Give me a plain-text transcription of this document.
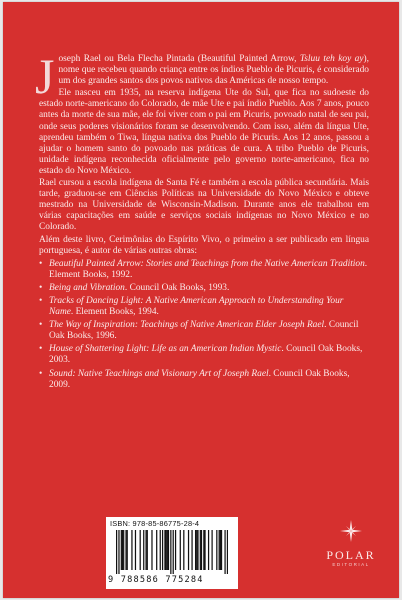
Joseph Rael ou Bela Flecha Pintada (Beautiful Painted Arrow, Tsluu teh koy ay), nome que recebeu quando criança entre os índios Pueblo de Picuris, é considerado um dos grandes santos dos povos nativos das Américas de nosso tempo.

Ele nasceu em 1935, na reserva indígena Ute do Sul, que fica no sudoeste do estado norte-americano do Colorado, de mãe Ute e pai índio Pueblo. Aos 7 anos, pouco antes da morte de sua mãe, ele foi viver com o pai em Picuris, povoado natal de seu pai, onde seus poderes visionários foram se desenvolvendo. Com isso, além da língua Ute, aprendeu também o Tiwa, língua nativa dos Pueblo de Picuris. Aos 12 anos, passou a ajudar o homem santo do povoado nas práticas de cura. A tribo Pueblo de Picuris, unidade indígena reconhecida oficialmente pelo governo norte-americano, fica no estado do Novo México.

Rael cursou a escola indígena de Santa Fé e também a escola pública secundária. Mais tarde, graduou-se em Ciências Políticas na Universidade do Novo México e obteve mestrado na Universidade de Wisconsin-Madison. Durante anos ele trabalhou em várias capacitações em saúde e serviços sociais indígenas no Novo México e no Colorado.

Além deste livro, Cerimônias do Espírito Vivo, o primeiro a ser publicado em língua portuguesa, é autor de várias outras obras:

• Beautiful Painted Arrow: Stories and Teachings from the Native American Tradition. Element Books, 1992.
• Being and Vibration. Council Oak Books, 1993.
• Tracks of Dancing Light: A Native American Approach to Understanding Your Name. Element Books, 1994.
• The Way of Inspiration: Teachings of Native American Elder Joseph Rael. Council Oak Books, 1996.
• House of Shattering Light: Life as an American Indian Mystic. Council Oak Books, 2003.
• Sound: Native Teachings and Visionary Art of Joseph Rael. Council Oak Books, 2009.
ISBN: 978-85-86775-28-4
9 788586 775284
POLAR
EDITORIAL
